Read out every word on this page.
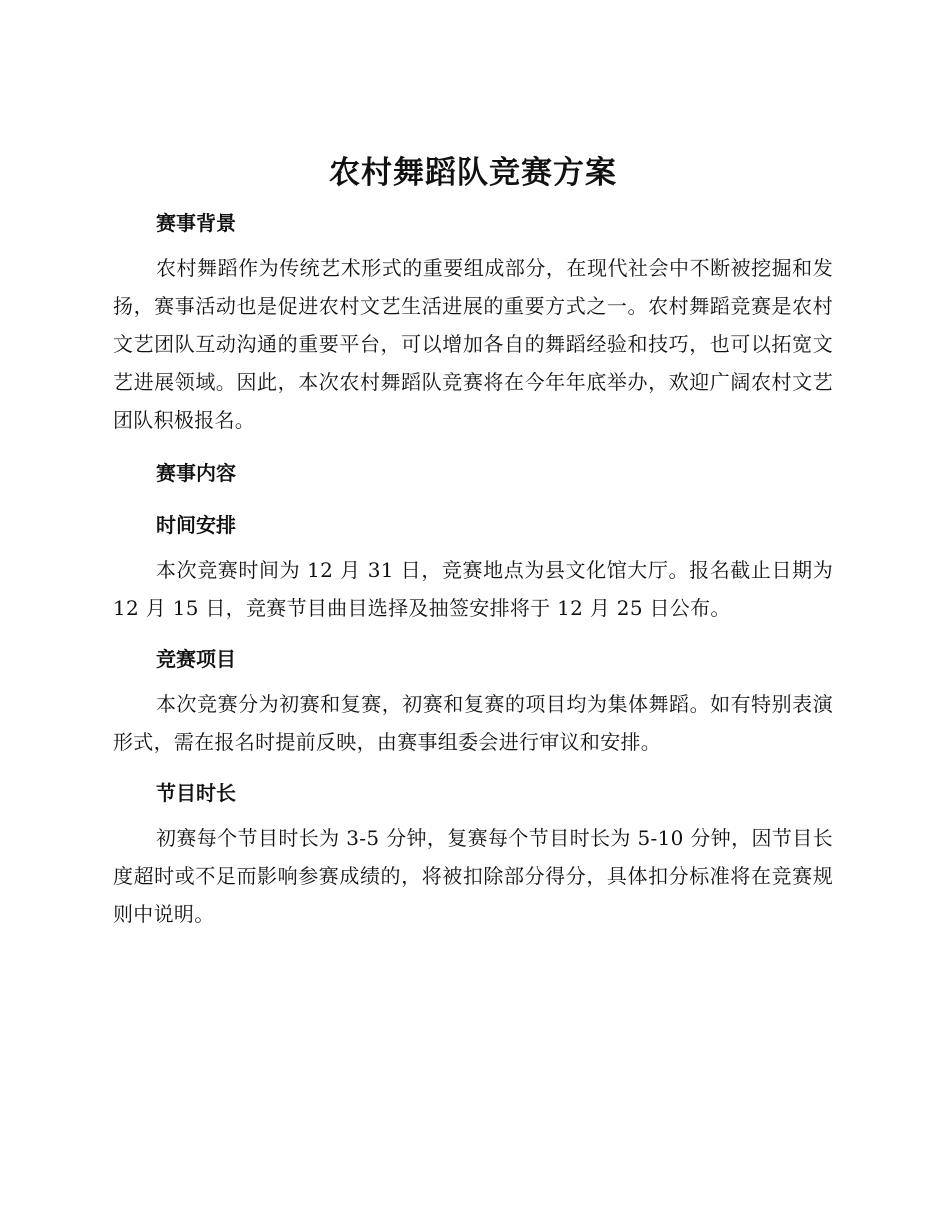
农村舞蹈队竞赛方案
赛事背景

农村舞蹈作为传统艺术形式的重要组成部分，在现代社会中不断被挖掘和发扬，赛事活动也是促进农村文艺生活进展的重要方式之一。农村舞蹈竞赛是农村文艺团队互动沟通的重要平台，可以增加各自的舞蹈经验和技巧，也可以拓宽文艺进展领域。因此，本次农村舞蹈队竞赛将在今年年底举办，欢迎广阔农村文艺团队积极报名。

赛事内容
时间安排

本次竞赛时间为 12 月 31 日，竞赛地点为县文化馆大厅。报名截止日期为 12 月 15 日，竞赛节目曲目选择及抽签安排将于 12 月 25 日公布。

竞赛项目

本次竞赛分为初赛和复赛，初赛和复赛的项目均为集体舞蹈。如有特别表演形式，需在报名时提前反映，由赛事组委会进行审议和安排。

节目时长

初赛每个节目时长为 3-5 分钟，复赛每个节目时长为 5-10 分钟，因节目长度超时或不足而影响参赛成绩的，将被扣除部分得分，具体扣分标准将在竞赛规则中说明。
